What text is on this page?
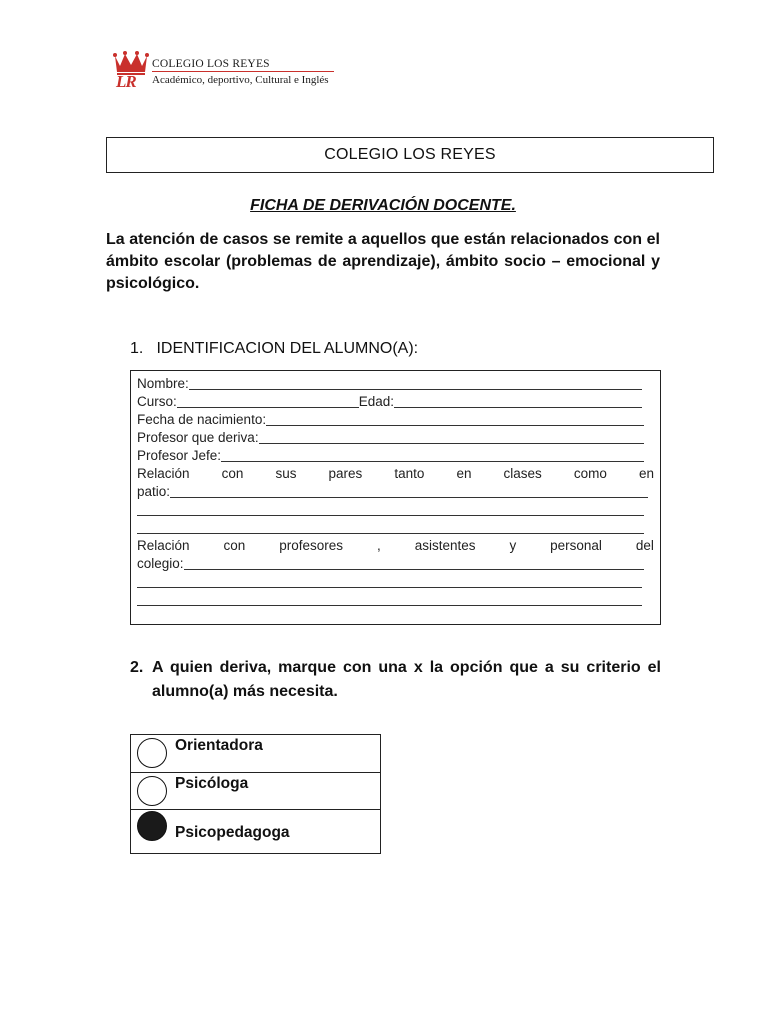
LR
COLEGIO LOS REYES
Académico, deportivo, Cultural e Inglés
COLEGIO LOS REYES
FICHA DE DERIVACIÓN DOCENTE.
La atención de casos se remite a aquellos que están relacionados con el ámbito escolar (problemas de aprendizaje), ámbito socio – emocional y psicológico.
1. IDENTIFICACION DEL ALUMNO(A):
Nombre:
Curso:	Edad:
Fecha de nacimiento:
Profesor que deriva:
Profesor Jefe:
Relación con sus pares tanto en clases como en
patio:
Relación	con	profesores	,	asistentes	y	personal	del
colegio:
2. A quien deriva, marque con una x la opción que a su criterio el alumno(a) más necesita.
Orientadora
Psicóloga
Psicopedagoga
